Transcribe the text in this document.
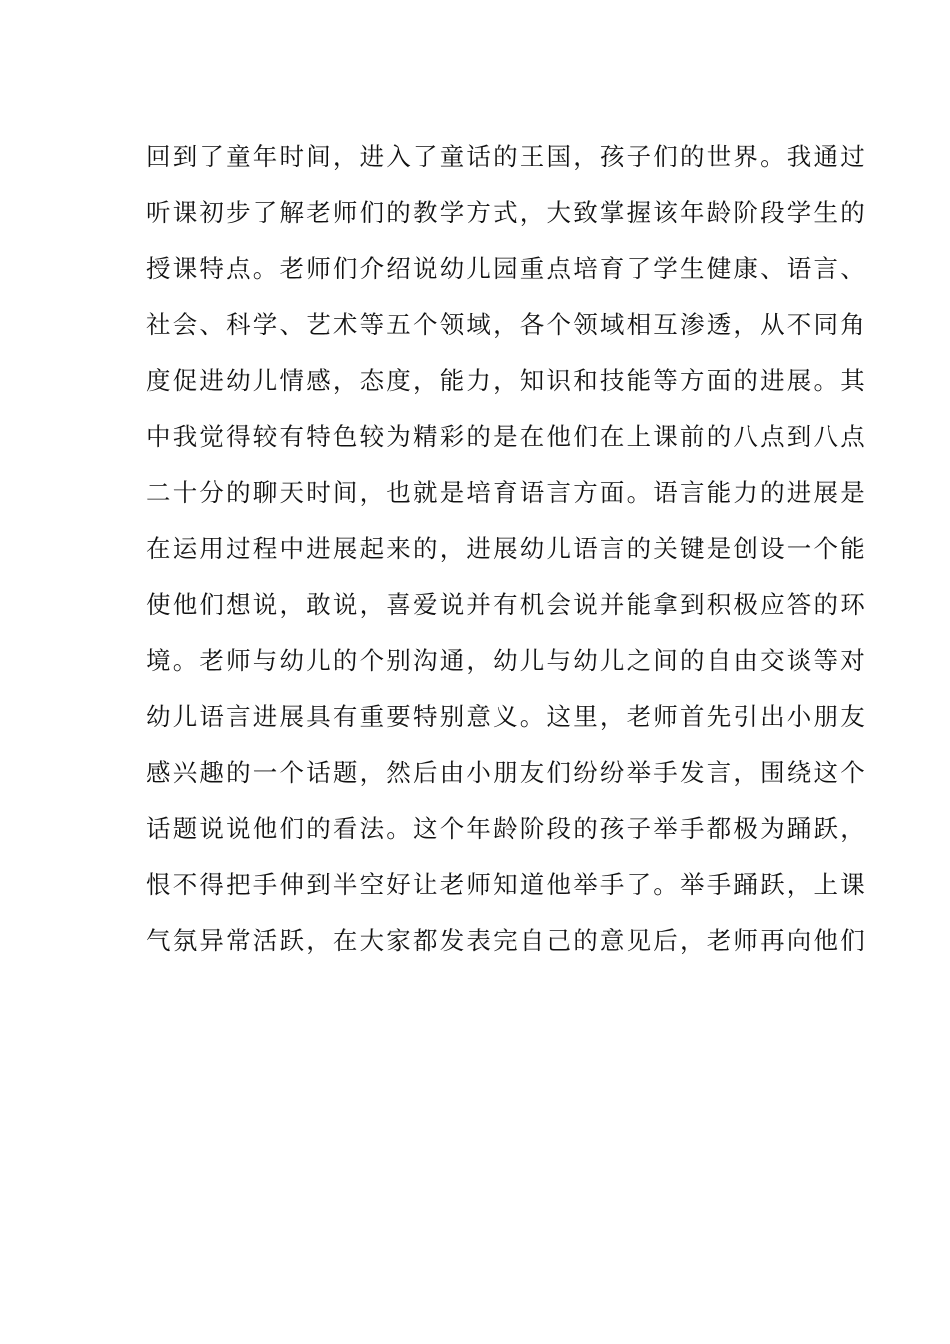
回到了童年时间，进入了童话的王国，孩子们的世界。我通过

听课初步了解老师们的教学方式，大致掌握该年龄阶段学生的

授课特点。老师们介绍说幼儿园重点培育了学生健康、语言、

社会、科学、艺术等五个领域，各个领域相互渗透，从不同角

度促进幼儿情感，态度，能力，知识和技能等方面的进展。其

中我觉得较有特色较为精彩的是在他们在上课前的八点到八点

二十分的聊天时间，也就是培育语言方面。语言能力的进展是

在运用过程中进展起来的，进展幼儿语言的关键是创设一个能

使他们想说，敢说，喜爱说并有机会说并能拿到积极应答的环

境。老师与幼儿的个别沟通，幼儿与幼儿之间的自由交谈等对

幼儿语言进展具有重要特别意义。这里，老师首先引出小朋友

感兴趣的一个话题，然后由小朋友们纷纷举手发言，围绕这个

话题说说他们的看法。这个年龄阶段的孩子举手都极为踊跃，

恨不得把手伸到半空好让老师知道他举手了。举手踊跃，上课

气氛异常活跃，在大家都发表完自己的意见后，老师再向他们
